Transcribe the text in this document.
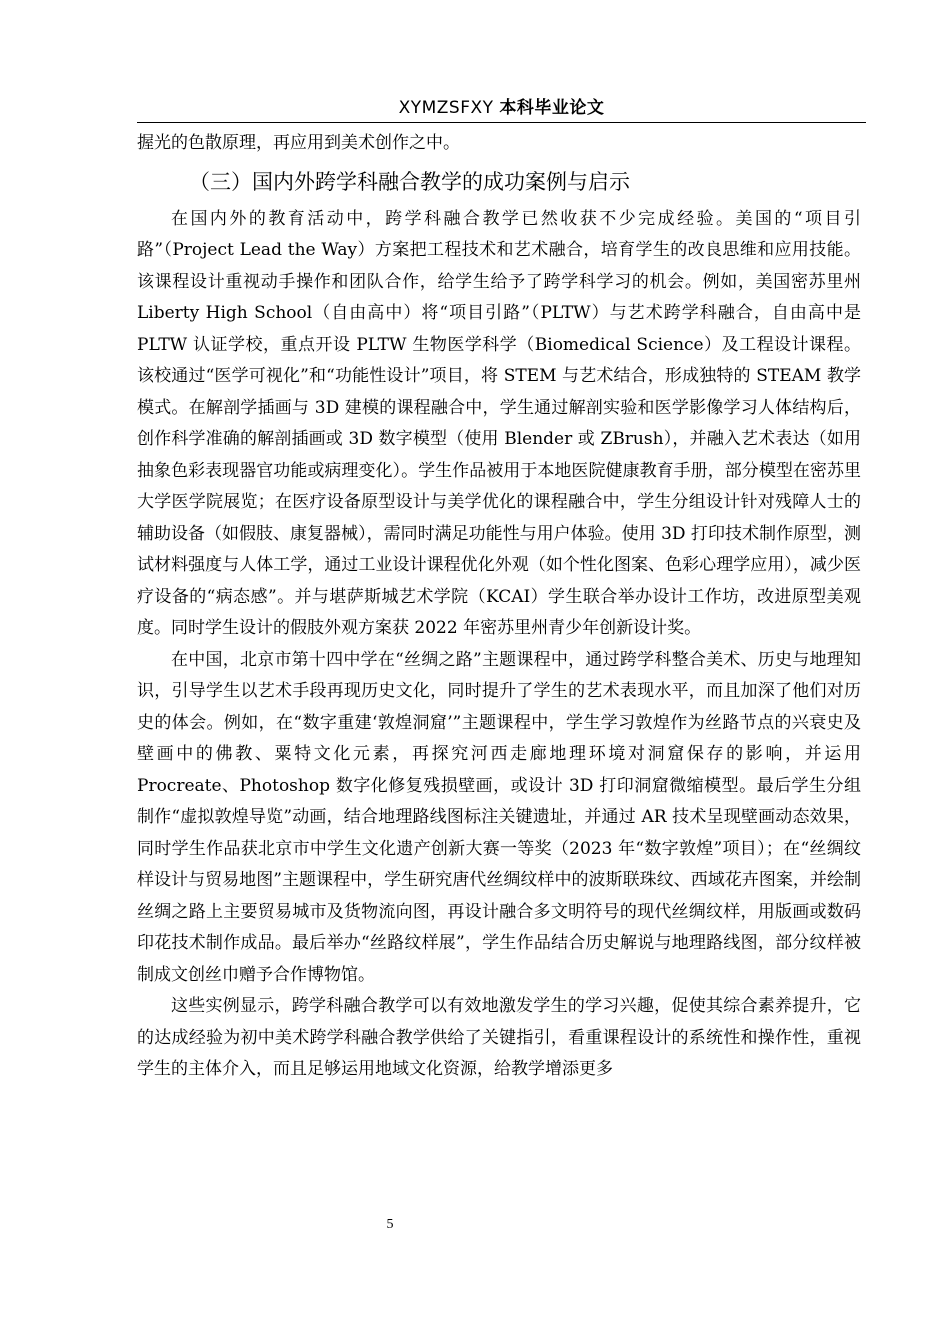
XYMZSFXY 本科毕业论文

握光的色散原理，再应用到美术创作之中。

（三）国内外跨学科融合教学的成功案例与启示

在国内外的教育活动中，跨学科融合教学已然收获不少完成经验。美国的“项目引路”（Project Lead the Way）方案把工程技术和艺术融合，培育学生的改良思维和应用技能。该课程设计重视动手操作和团队合作，给学生给予了跨学科学习的机会。例如，美国密苏里州 Liberty High School（自由高中）将“项目引路”（PLTW）与艺术跨学科融合，自由高中是 PLTW 认证学校，重点开设 PLTW 生物医学科学（Biomedical Science）及工程设计课程。该校通过“医学可视化”和“功能性设计”项目，将 STEM 与艺术结合，形成独特的 STEAM 教学模式。在解剖学插画与 3D 建模的课程融合中，学生通过解剖实验和医学影像学习人体结构后，创作科学准确的解剖插画或 3D 数字模型（使用 Blender 或 ZBrush），并融入艺术表达（如用抽象色彩表现器官功能或病理变化）。学生作品被用于本地医院健康教育手册，部分模型在密苏里大学医学院展览；在医疗设备原型设计与美学优化的课程融合中，学生分组设计针对残障人士的辅助设备（如假肢、康复器械），需同时满足功能性与用户体验。使用 3D 打印技术制作原型，测试材料强度与人体工学，通过工业设计课程优化外观（如个性化图案、色彩心理学应用），减少医疗设备的“病态感”。并与堪萨斯城艺术学院（KCAI）学生联合举办设计工作坊，改进原型美观度。同时学生设计的假肢外观方案获 2022 年密苏里州青少年创新设计奖。

在中国，北京市第十四中学在“丝绸之路”主题课程中，通过跨学科整合美术、历史与地理知识，引导学生以艺术手段再现历史文化，同时提升了学生的艺术表现水平，而且加深了他们对历史的体会。例如，在“数字重建‘敦煌洞窟’”主题课程中，学生学习敦煌作为丝路节点的兴衰史及壁画中的佛教、粟特文化元素，再探究河西走廊地理环境对洞窟保存的影响，并运用 Procreate、Photoshop 数字化修复残损壁画，或设计 3D 打印洞窟微缩模型。最后学生分组制作“虚拟敦煌导览”动画，结合地理路线图标注关键遗址，并通过 AR 技术呈现壁画动态效果，同时学生作品获北京市中学生文化遗产创新大赛一等奖（2023 年“数字敦煌”项目）；在“丝绸纹样设计与贸易地图”主题课程中，学生研究唐代丝绸纹样中的波斯联珠纹、西域花卉图案，并绘制丝绸之路上主要贸易城市及货物流向图，再设计融合多文明符号的现代丝绸纹样，用版画或数码印花技术制作成品。最后举办“丝路纹样展”，学生作品结合历史解说与地理路线图，部分纹样被制成文创丝巾赠予合作博物馆。

这些实例显示，跨学科融合教学可以有效地激发学生的学习兴趣，促使其综合素养提升，它的达成经验为初中美术跨学科融合教学供给了关键指引，看重课程设计的系统性和操作性，重视学生的主体介入，而且足够运用地域文化资源，给教学增添更多

5
